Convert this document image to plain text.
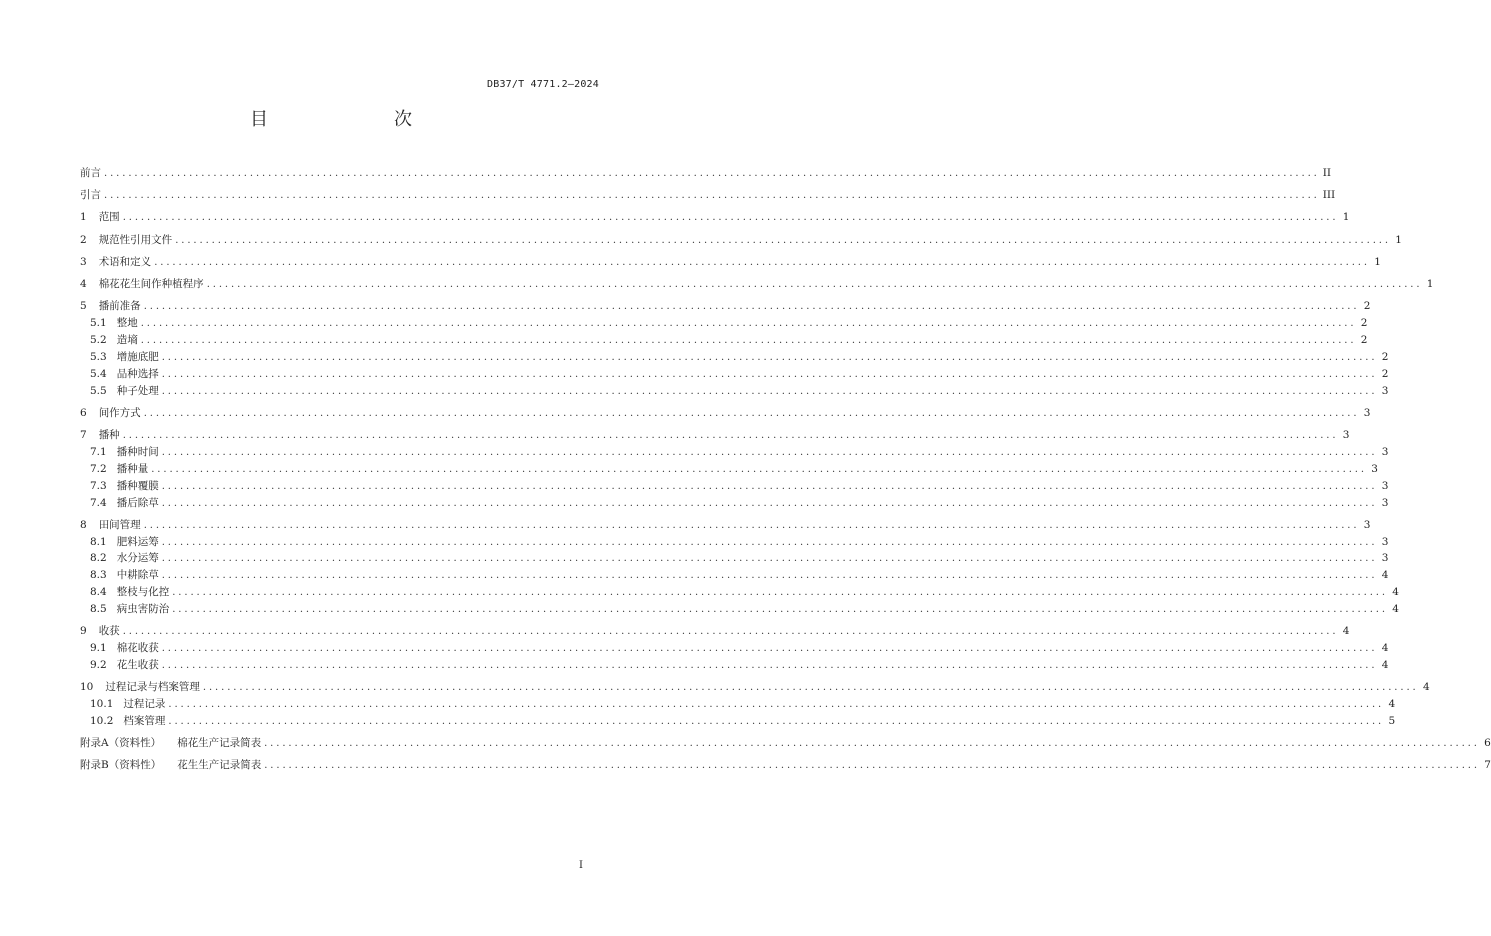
DB37/T 4771.2—2024
目　　次
前言 ........................................................................................................................................................................................................ II
引言 ........................................................................................................................................................................................................ III
1 范围 ........................................................................................................................................................................................................ 1
2 规范性引用文件 ........................................................................................................................................................................................................ 1
3 术语和定义 ........................................................................................................................................................................................................ 1
4 棉花花生间作种植程序 ........................................................................................................................................................................................................ 1
5 播前准备 ........................................................................................................................................................................................................ 2
5.1 整地 ........................................................................................................................................................................................................ 2
5.2 造墒 ........................................................................................................................................................................................................ 2
5.3 增施底肥 ........................................................................................................................................................................................................ 2
5.4 品种选择 ........................................................................................................................................................................................................ 2
5.5 种子处理 ........................................................................................................................................................................................................ 3
6 间作方式 ........................................................................................................................................................................................................ 3
7 播种 ........................................................................................................................................................................................................ 3
7.1 播种时间 ........................................................................................................................................................................................................ 3
7.2 播种量 ........................................................................................................................................................................................................ 3
7.3 播种覆膜 ........................................................................................................................................................................................................ 3
7.4 播后除草 ........................................................................................................................................................................................................ 3
8 田间管理 ........................................................................................................................................................................................................ 3
8.1 肥料运筹 ........................................................................................................................................................................................................ 3
8.2 水分运筹 ........................................................................................................................................................................................................ 3
8.3 中耕除草 ........................................................................................................................................................................................................ 4
8.4 整枝与化控 ........................................................................................................................................................................................................ 4
8.5 病虫害防治 ........................................................................................................................................................................................................ 4
9 收获 ........................................................................................................................................................................................................ 4
9.1 棉花收获 ........................................................................................................................................................................................................ 4
9.2 花生收获 ........................................................................................................................................................................................................ 4
10 过程记录与档案管理 ........................................................................................................................................................................................................ 4
10.1 过程记录 ........................................................................................................................................................................................................ 4
10.2 档案管理 ........................................................................................................................................................................................................ 5
附录A（资料性） 棉花生产记录简表 ........................................................................................................................................................................................................ 6
附录B（资料性） 花生生产记录简表 ........................................................................................................................................................................................................ 7
I
